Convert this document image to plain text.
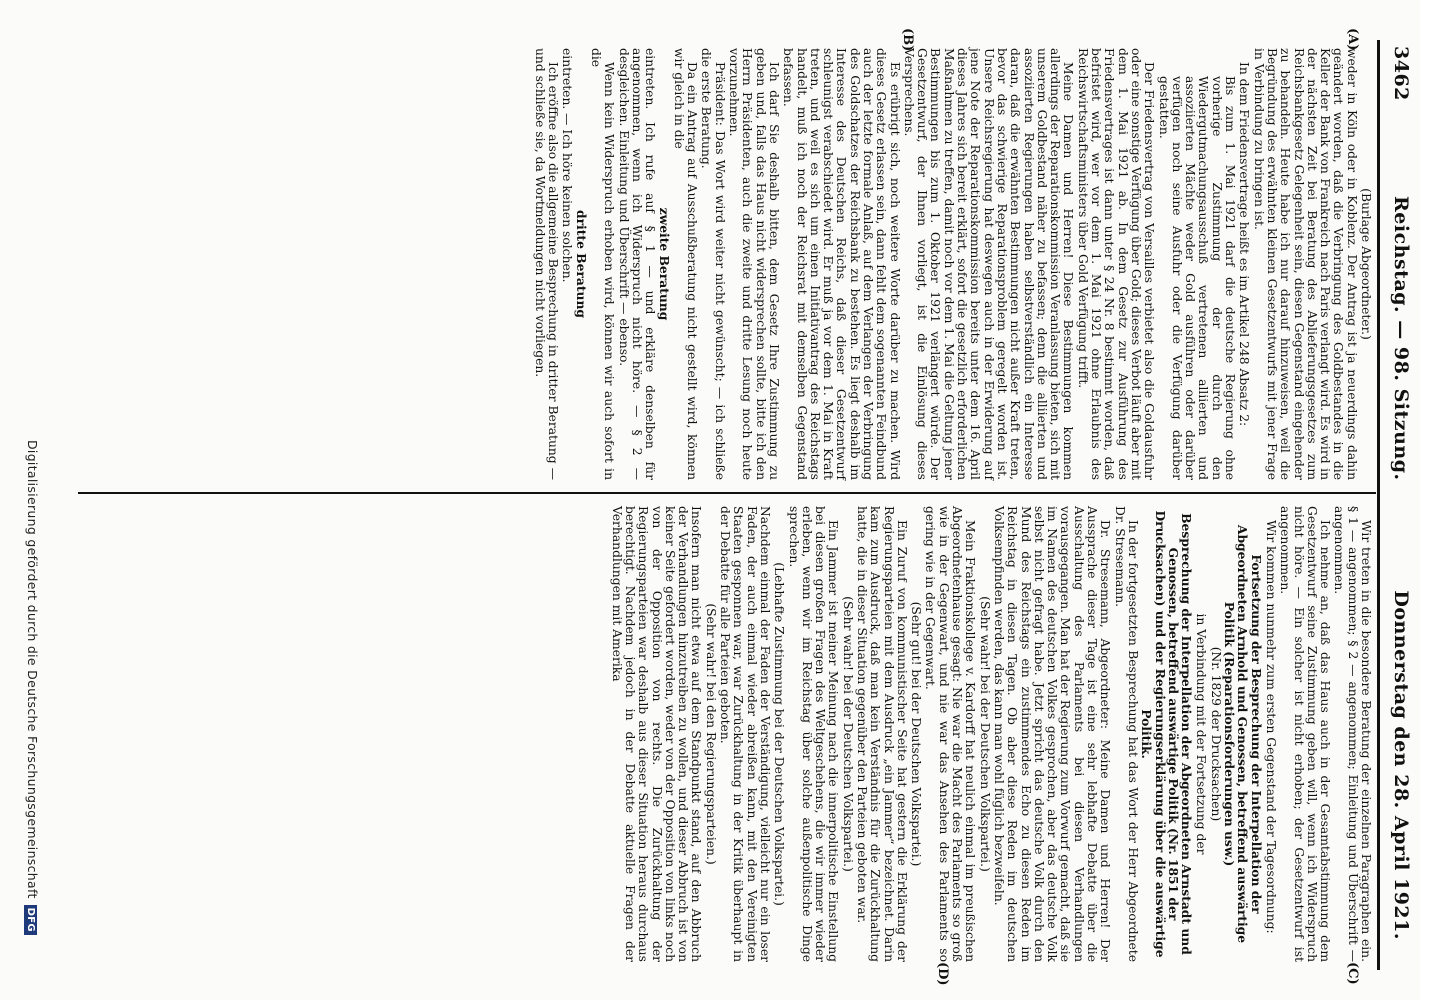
3462
Reichstag. — 98. Sitzung.
Donnerstag den 28. April 1921.
(A)
(B)
(C)
(D)

(Burlage Abgeordneter.)

weder in Köln oder in Koblenz. Der Antrag ist ja neuerdings dahin geändert worden, daß die Verbringung des Goldbestandes in die Keller der Bank von Frankreich nach Paris verlangt wird. Es wird in der nächsten Zeit bei Beratung des Ablieferungsgesetzes zum Reichsbankgesetz Gelegenheit sein, diesen Gegenstand eingehender zu behandeln. Heute habe ich nur darauf hinzuweisen, weil die Begründung des erwähnten kleinen Gesetzentwurfs mit jener Frage in Verbindung zu bringen ist.

In dem Friedensvertrage heißt es im Artikel 248 Absatz 2:

Bis zum 1. Mai 1921 darf die deutsche Regierung ohne vorherige Zustimmung der durch den Wiedergutmachungsausschuß vertretenen alliierten und assoziierten Mächte weder Gold ausführen oder darüber verfügen noch seine Ausfuhr oder die Verfügung darüber gestatten.

Der Friedensvertrag von Versailles verbietet also die Goldausfuhr oder eine sonstige Verfügung über Gold; dieses Verbot läuft aber mit dem 1. Mai 1921 ab. In dem Gesetz zur Ausführung des Friedensvertrages ist dann unter § 24 Nr. 8 bestimmt worden, daß befristet wird, wer vor dem 1. Mai 1921 ohne Erlaubnis des Reichswirtschaftsministers über Gold Verfügung trifft.

Meine Damen und Herren! Diese Bestimmungen kommen allerdings der Reparationskommission Veranlassung bieten, sich mit unserem Goldbestand näher zu befassen; denn die alliierten und assoziierten Regierungen haben selbstverständlich ein Interesse daran, daß die erwähnten Bestimmungen nicht außer Kraft treten, bevor das schwierige Reparationsproblem geregelt worden ist. Unsere Reichsregierung hat deswegen auch in der Erwiderung auf jene Note der Reparationskommission bereits unter dem 16. April dieses Jahres sich bereit erklärt, sofort die gesetzlich erforderlichen Maßnahmen zu treffen, damit noch vor dem 1. Mai die Geltung jener Bestimmungen bis zum 1. Oktober 1921 verlängert würde. Der Gesetzentwurf, der Ihnen vorliegt, ist die Einlösung dieses Versprechens.

Es erübrigt sich, noch weitere Worte darüber zu machen. Wird dieses Gesetz erlassen sein, dann fehlt dem sogenannten Feindbund auch der letzte formale Anlaß, auf dem Verlangen der Verbringung des Goldschatzes der Reichsbank zu bestehen. Es liegt deshalb im Interesse des Deutschen Reichs, daß dieser Gesetzentwurf schleunigst verabschiedet wird. Er muß ja vor dem 1. Mai in Kraft treten, und weil es sich um einen Initiativantrag des Reichstags handelt, muß ich noch der Reichsrat mit demselben Gegenstand befassen.

Ich darf Sie deshalb bitten, dem Gesetz Ihre Zustimmung zu geben und, falls das Haus nicht widersprechen sollte, bitte ich den Herrn Präsidenten, auch die zweite und dritte Lesung noch heute vorzunehmen.

Präsident: Das Wort wird weiter nicht gewünscht; — ich schließe die erste Beratung.

Da ein Antrag auf Ausschußberatung nicht gestellt wird, können wir gleich in die

zweite Beratung

eintreten. Ich rufe auf § 1 — und erkläre denselben für angenommen, wenn ich Widerspruch nicht höre. — § 2 — desgleichen. Einleitung und Überschrift — ebenso.

Wenn kein Widerspruch erhoben wird, können wir auch sofort in die

dritte Beratung

eintreten. — Ich höre keinen solchen.

Ich eröffne also die allgemeine Besprechung in dritter Beratung — und schließe sie, da Wortmeldungen nicht vorliegen.

Wir treten in die besondere Beratung der einzelnen Paragraphen ein. § 1 — angenommen; § 2 — angenommen; Einleitung und Überschrift — angenommen.

Ich nehme an, daß das Haus auch in der Gesamtabstimmung dem Gesetzentwurf seine Zustimmung geben will, wenn ich Widerspruch nicht höre. — Ein solcher ist nicht erhoben; der Gesetzentwurf ist angenommen.

Wir kommen nunmehr zum ersten Gegenstand der Tagesordnung:

Fortsetzung der Besprechung der Interpellation der Abgeordneten Arnhold und Genossen, betreffend auswärtige Politik (Reparationsforderungen usw.)

(Nr. 1829 der Drucksachen)

in Verbindung mit der Fortsetzung der

Besprechung der Interpellation der Abgeordneten Arnstadt und Genossen, betreffend auswärtige Politik (Nr. 1851 der Drucksachen) und der Regierungserklärung über die auswärtige Politik.

In der fortgesetzten Besprechung hat das Wort der Herr Abgeordnete Dr. Stresemann.

Dr. Stresemann, Abgeordneter: Meine Damen und Herren! Der Aussprache dieser Tage ist eine sehr lebhafte Debatte über die Ausschaltung des Parlaments bei diesen Verhandlungen vorausgegangen. Man hat der Regierung zum Vorwurf gemacht, daß sie im Namen des deutschen Volkes gesprochen, aber das deutsche Volk selbst nicht gefragt habe. Jetzt spricht das deutsche Volk durch den Mund des Reichstags ein zustimmendes Echo zu diesen Reden im Reichstag in diesen Tagen. Ob aber diese Reden im deutschen Volksempfinden werden, das kann man wohl füglich bezweifeln.

(Sehr wahr! bei der Deutschen Volkspartei.)

Mein Fraktionskollege v. Kardorff hat neulich einmal im preußischen Abgeordnetenhause gesagt: Nie war die Macht des Parlaments so groß wie in der Gegenwart, und nie war das Ansehen des Parlaments so gering wie in der Gegenwart.

(Sehr gut! bei der Deutschen Volkspartei.)

Ein Zuruf von kommunistischer Seite hat gestern die Erklärung der Regierungsparteien mit dem Ausdruck „ein Jammer“ bezeichnet. Darin kam zum Ausdruck, daß man kein Verständnis für die Zurückhaltung hatte, die in dieser Situation gegenüber den Parteien geboten war.

(Sehr wahr! bei der Deutschen Volkspartei.)

Ein Jammer ist meiner Meinung nach die innerpolitische Einstellung bei diesen großen Fragen des Weltgeschehens, die wir immer wieder erleben, wenn wir im Reichstag über solche außenpolitische Dinge sprechen.

(Lebhafte Zustimmung bei der Deutschen Volkspartei.)

Nachdem einmal der Faden der Verständigung, vielleicht nur ein loser Faden, der auch einmal wieder abreißen kann, mit den Vereinigten Staaten gesponnen war, war Zurückhaltung in der Kritik überhaupt in der Debatte für alle Parteien geboten.

(Sehr wahr! bei den Regierungsparteien.)

Insofern man nicht etwa auf dem Standpunkt stand, auf den Abbruch der Verhandlungen hinzutreiben zu wollen, und dieser Abbruch ist von keiner Seite gefordert worden, weder von der Opposition von links noch von der Opposition von rechts. Die Zurückhaltung der Regierungsparteien war deshalb aus dieser Situation heraus durchaus berechtigt. Nachdem jedoch in der Debatte aktuelle Fragen der Verhandlungen mit Amerika

Digitalisierung gefördert durch die Deutsche ForschungsgemeinschaftDFG
